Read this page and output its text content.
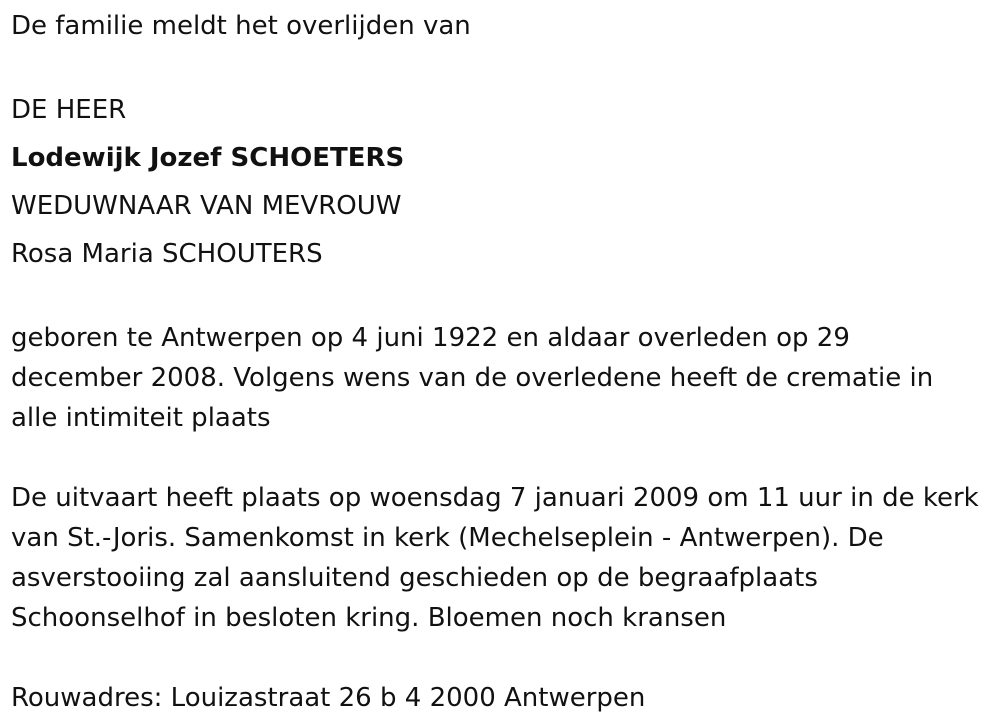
De familie meldt het overlijden van

DE HEER

Lodewijk Jozef SCHOETERS

WEDUWNAAR VAN MEVROUW

Rosa Maria SCHOUTERS

geboren te Antwerpen op 4 juni 1922 en aldaar overleden op 29 december 2008. Volgens wens van de overledene heeft de crematie in alle intimiteit plaats

De uitvaart heeft plaats op woensdag 7 januari 2009 om 11 uur in de kerk van St.-Joris. Samenkomst in kerk (Mechelseplein - Antwerpen). De asverstooiing zal aansluitend geschieden op de begraafplaats Schoonselhof in besloten kring. Bloemen noch kransen

Rouwadres: Louizastraat 26 b 4 2000 Antwerpen
